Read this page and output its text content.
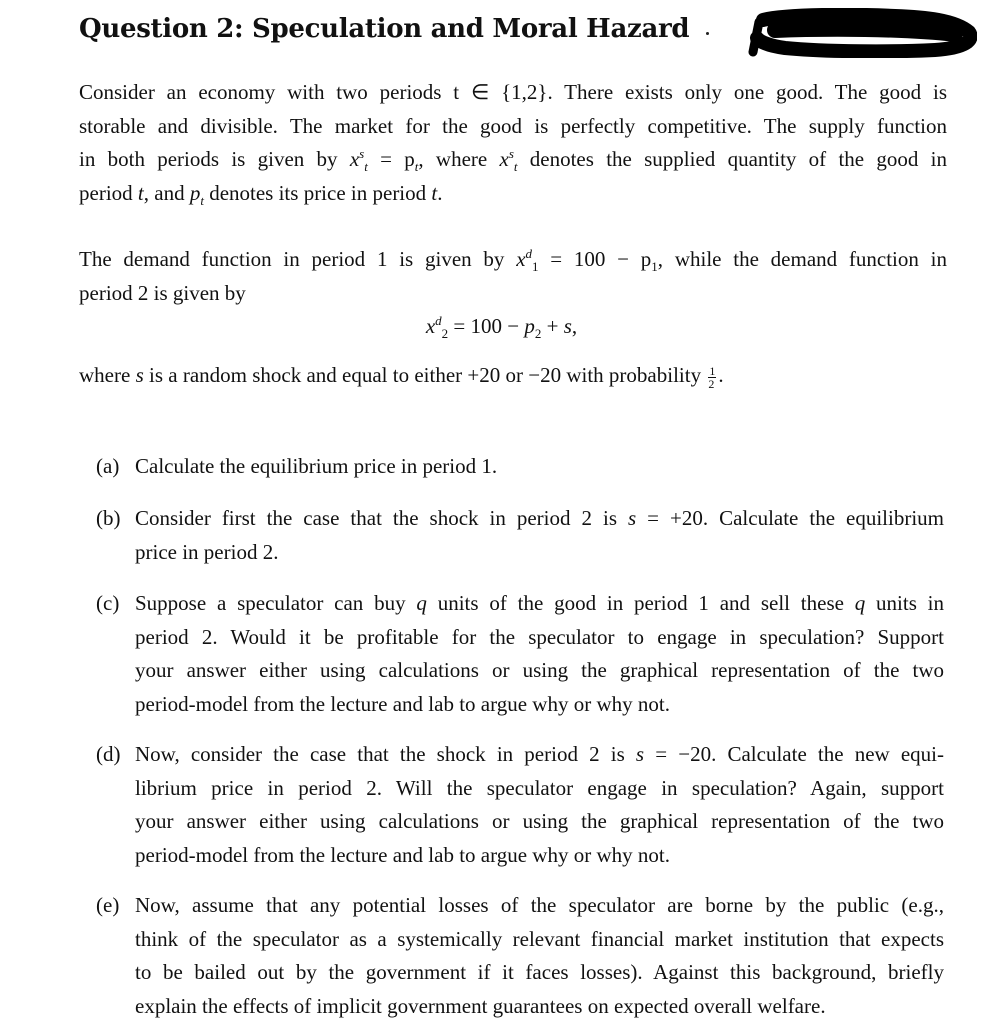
Question 2: Speculation and Moral Hazard
Consider an economy with two periods t ∈ {1,2}. There exists only one good. The good is
storable and divisible. The market for the good is perfectly competitive. The supply function
in both periods is given by $x^s_t = p_t$, where $x^s_t$ denotes the supplied quantity of the good in
period t, and $p_t$ denotes its price in period t.
The demand function in period 1 is given by $x^d_1 = 100 - p_1$, while the demand function in
period 2 is given by
$x^d_2 = 100 - p_2 + s$,
where s is a random shock and equal to either +20 or −20 with probability $\frac{1}{2}$ .
(a) Calculate the equilibrium price in period 1.
(b) Consider first the case that the shock in period 2 is s = +20. Calculate the equilibrium
price in period 2.
(c) Suppose a speculator can buy q units of the good in period 1 and sell these q units in
period 2. Would it be profitable for the speculator to engage in speculation? Support
your answer either using calculations or using the graphical representation of the two
period-model from the lecture and lab to argue why or why not.
(d) Now, consider the case that the shock in period 2 is s = −20. Calculate the new equi-
librium price in period 2. Will the speculator engage in speculation? Again, support
your answer either using calculations or using the graphical representation of the two
period-model from the lecture and lab to argue why or why not.
(e) Now, assume that any potential losses of the speculator are borne by the public (e.g.,
think of the speculator as a systemically relevant financial market institution that expects
to be bailed out by the government if it faces losses). Against this background, briefly
explain the effects of implicit government guarantees on expected overall welfare.
